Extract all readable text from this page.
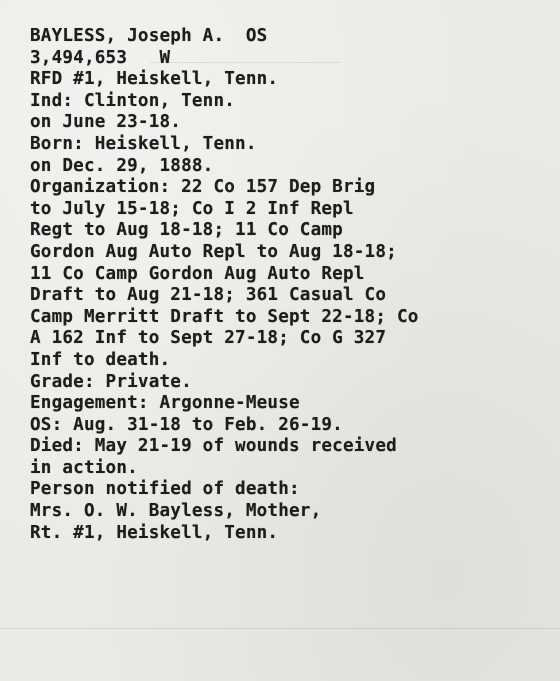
BAYLESS, Joseph A.  OS
3,494,653   W
RFD #1, Heiskell, Tenn.
Ind: Clinton, Tenn.
on June 23-18.
Born: Heiskell, Tenn.
on Dec. 29, 1888.
Organization: 22 Co 157 Dep Brig
to July 15-18; Co I 2 Inf Repl
Regt to Aug 18-18; 11 Co Camp
Gordon Aug Auto Repl to Aug 18-18;
11 Co Camp Gordon Aug Auto Repl
Draft to Aug 21-18; 361 Casual Co
Camp Merritt Draft to Sept 22-18; Co
A 162 Inf to Sept 27-18; Co G 327
Inf to death.
Grade: Private.
Engagement: Argonne-Meuse
OS: Aug. 31-18 to Feb. 26-19.
Died: May 21-19 of wounds received
in action.
Person notified of death:
Mrs. O. W. Bayless, Mother,
Rt. #1, Heiskell, Tenn.
